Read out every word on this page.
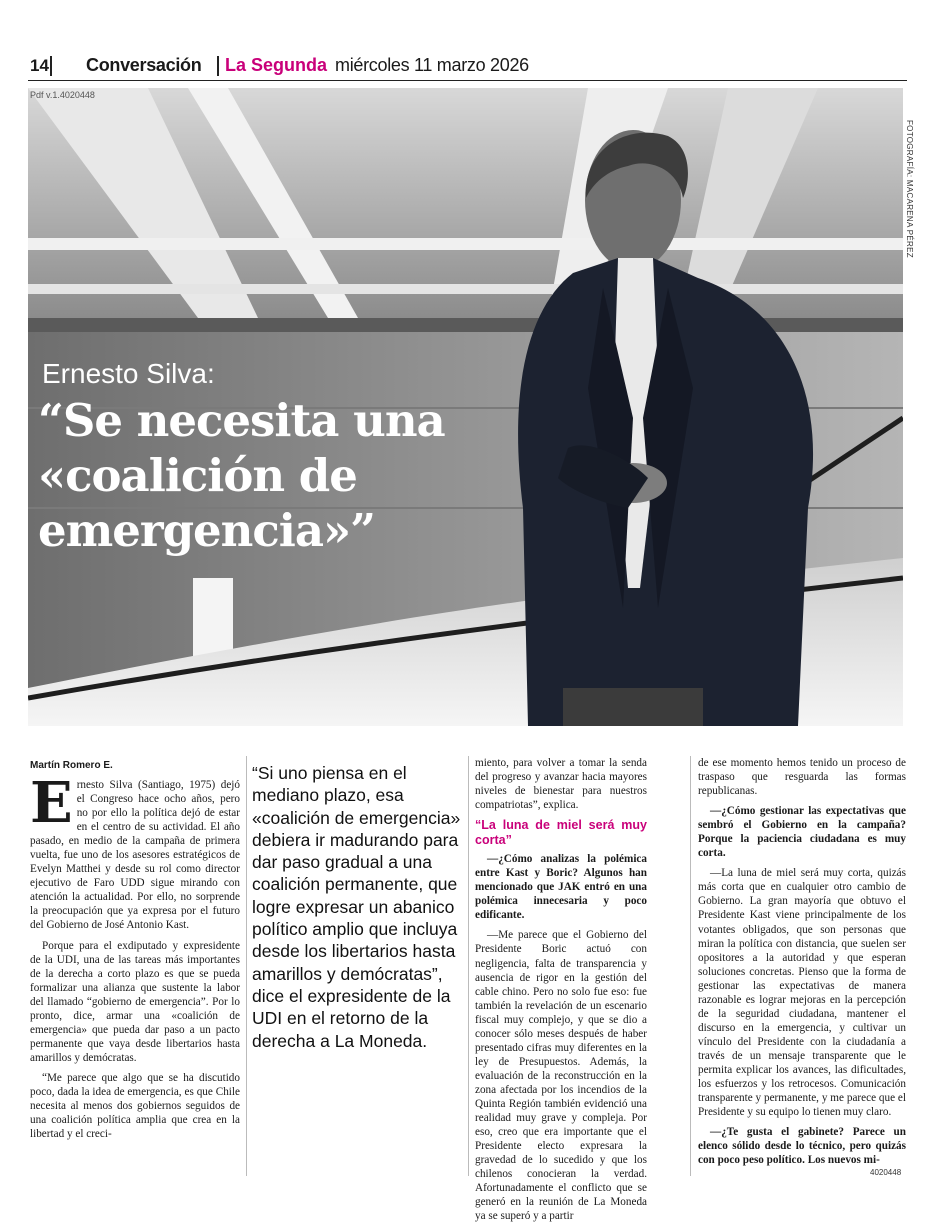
14 Conversación La Segunda miércoles 11 marzo 2026
Pdf v.1.4020448
FOTOGRAFÍA: MACARENA PÉREZ
Ernesto Silva:
“Se necesita una «coalición de emergencia»”
Martín Romero E.

Ernesto Silva (Santiago, 1975) dejó el Congreso hace ocho años, pero no por ello la política dejó de estar en el centro de su actividad. El año pasado, en medio de la campaña de primera vuelta, fue uno de los asesores estratégicos de Evelyn Matthei y desde su rol como director ejecutivo de Faro UDD sigue mirando con atención la actualidad. Por ello, no sorprende la preocupación que ya expresa por el futuro del Gobierno de José Antonio Kast.

Porque para el exdiputado y expresidente de la UDI, una de las tareas más importantes de la derecha a corto plazo es que se pueda formalizar una alianza que sustente la labor del llamado “gobierno de emergencia”. Por lo pronto, dice, armar una «coalición de emergencia» que pueda dar paso a un pacto permanente que vaya desde libertarios hasta amarillos y demócratas.

“Me parece que algo que se ha discutido poco, dada la idea de emergencia, es que Chile necesita al menos dos gobiernos seguidos de una coalición política amplia que crea en la libertad y el creci-

“Si uno piensa en el mediano plazo, esa «coalición de emergencia» debiera ir madurando para dar paso gradual a una coalición permanente, que logre expresar un abanico político amplio que incluya desde los libertarios hasta amarillos y demócratas”, dice el expresidente de la UDI en el retorno de la derecha a La Moneda.

miento, para volver a tomar la senda del progreso y avanzar hacia mayores niveles de bienestar para nuestros compatriotas”, explica.

“La luna de miel será muy corta”

—¿Cómo analizas la polémica entre Kast y Boric? Algunos han mencionado que JAK entró en una polémica innecesaria y poco edificante.

—Me parece que el Gobierno del Presidente Boric actuó con negligencia, falta de transparencia y ausencia de rigor en la gestión del cable chino. Pero no solo fue eso: fue también la revelación de un escenario fiscal muy complejo, y que se dio a conocer sólo meses después de haber presentado cifras muy diferentes en la ley de Presupuestos. Además, la evaluación de la reconstrucción en la zona afectada por los incendios de la Quinta Región también evidenció una realidad muy grave y compleja. Por eso, creo que era importante que el Presidente electo expresara la gravedad de lo sucedido y que los chilenos conocieran la verdad. Afortunadamente el conflicto que se generó en la reunión de La Moneda ya se superó y a partir

de ese momento hemos tenido un proceso de traspaso que resguarda las formas republicanas.

—¿Cómo gestionar las expectativas que sembró el Gobierno en la campaña? Porque la paciencia ciudadana es muy corta.

—La luna de miel será muy corta, quizás más corta que en cualquier otro cambio de Gobierno. La gran mayoría que obtuvo el Presidente Kast viene principalmente de los votantes obligados, que son personas que miran la política con distancia, que suelen ser opositores a la autoridad y que esperan soluciones concretas. Pienso que la forma de gestionar las expectativas de manera razonable es lograr mejoras en la percepción de la seguridad ciudadana, mantener el discurso en la emergencia, y cultivar un vínculo del Presidente con la ciudadanía a través de un mensaje transparente que le permita explicar los avances, las dificultades, los esfuerzos y los retrocesos. Comunicación transparente y permanente, y me parece que el Presidente y su equipo lo tienen muy claro.

—¿Te gusta el gabinete? Parece un elenco sólido desde lo técnico, pero quizás con poco peso político. Los nuevos mi-

4020448
